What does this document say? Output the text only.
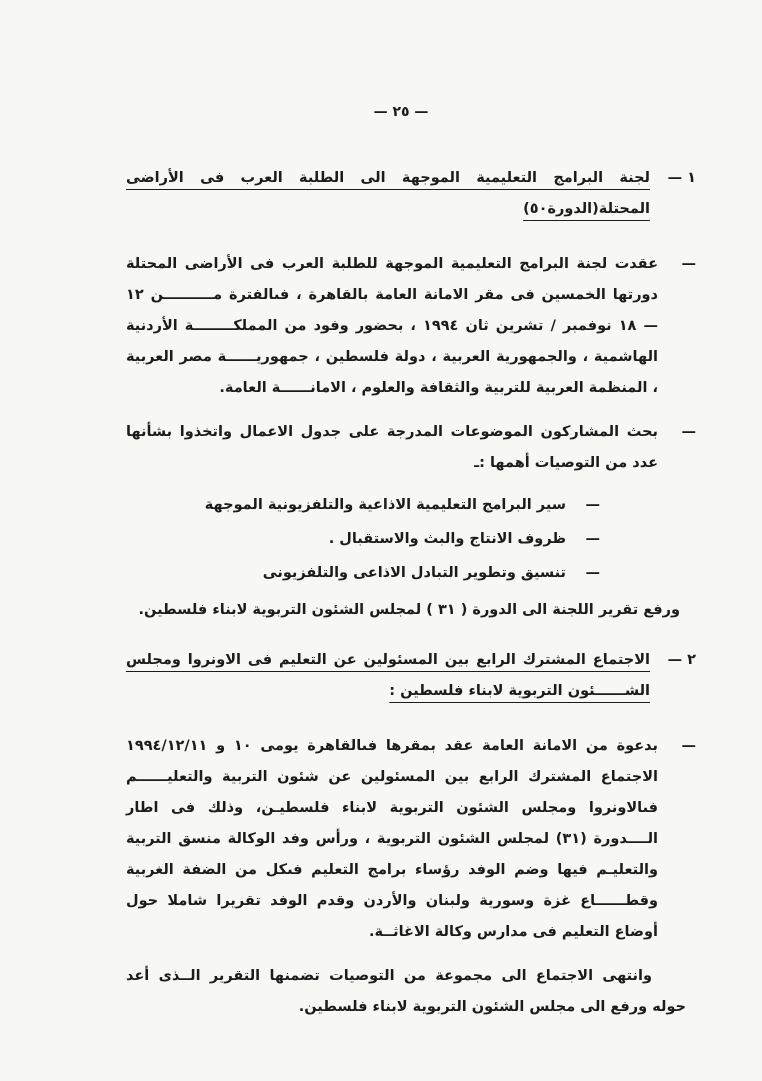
— ٢٥ —
١ —
لجنة البرامج التعليمية الموجهة الى الطلبة العرب فى الأراضى المحتلة(الدورة٥٠)
—

عقدت لجنة البرامج التعليمية الموجهة للطلبة العرب فى الأراضى المحتلة دورتها الخمسين فى مقر الامانة العامة بالقاهرة ، فىالفترة مــــــــــن ١٢ — ١٨ نوفمبر / تشرين ثان ١٩٩٤ ، بحضور وفود من المملكــــــــة الأردنية الهاشمية ، والجمهورية العربية ، دولة فلسطين ، جمهوريــــــة مصر العربية ، المنظمة العربية للتربية والثقافة والعلوم ، الامانــــــة العامة.

—

بحث المشاركون الموضوعات المدرجة على جدول الاعمال واتخذوا بشأنها عدد من التوصيات أهمها :ـ

—
سير البرامج التعليمية الاذاعية والتلفزيونية الموجهة
—
ظروف الانتاج والبث والاستقبال .
—
تنسيق وتطوير التبادل الاذاعى والتلفزيونى

ورفع تقرير اللجنة الى الدورة ( ٣١ ) لمجلس الشئون التربوية لابناء فلسطين.

٢ —
الاجتماع المشترك الرابع بين المسئولين عن التعليم فى الاونروا ومجلس الشــــــئون التربوية لابناء فلسطين :
—

بدعوة من الامانة العامة عقد بمقرها فىالقاهرة يومى ١٠ و ١٩٩٤/١٢/١١ الاجتماع المشترك الرابع بين المسئولين عن شئون التربية والتعليــــــم فىالاونروا ومجلس الشئون التربوية لابناء فلسطيـن، وذلك فى اطار الــــدورة (٣١) لمجلس الشئون التربوية ، ورأس وفد الوكالة منسق التربية والتعليـم فيها وضم الوفد رؤساء برامج التعليم فىكل من الضفة الغربية وقطــــــاع غزة وسورية ولبنان والأردن وقدم الوفد تقريرا شاملا حول أوضاع التعليم فى مدارس وكالة الاغاثــة.

وانتهى الاجتماع الى مجموعة من التوصيات تضمنها التقرير الــذى أعد حوله ورفع الى مجلس الشئون التربوية لابناء فلسطين.
